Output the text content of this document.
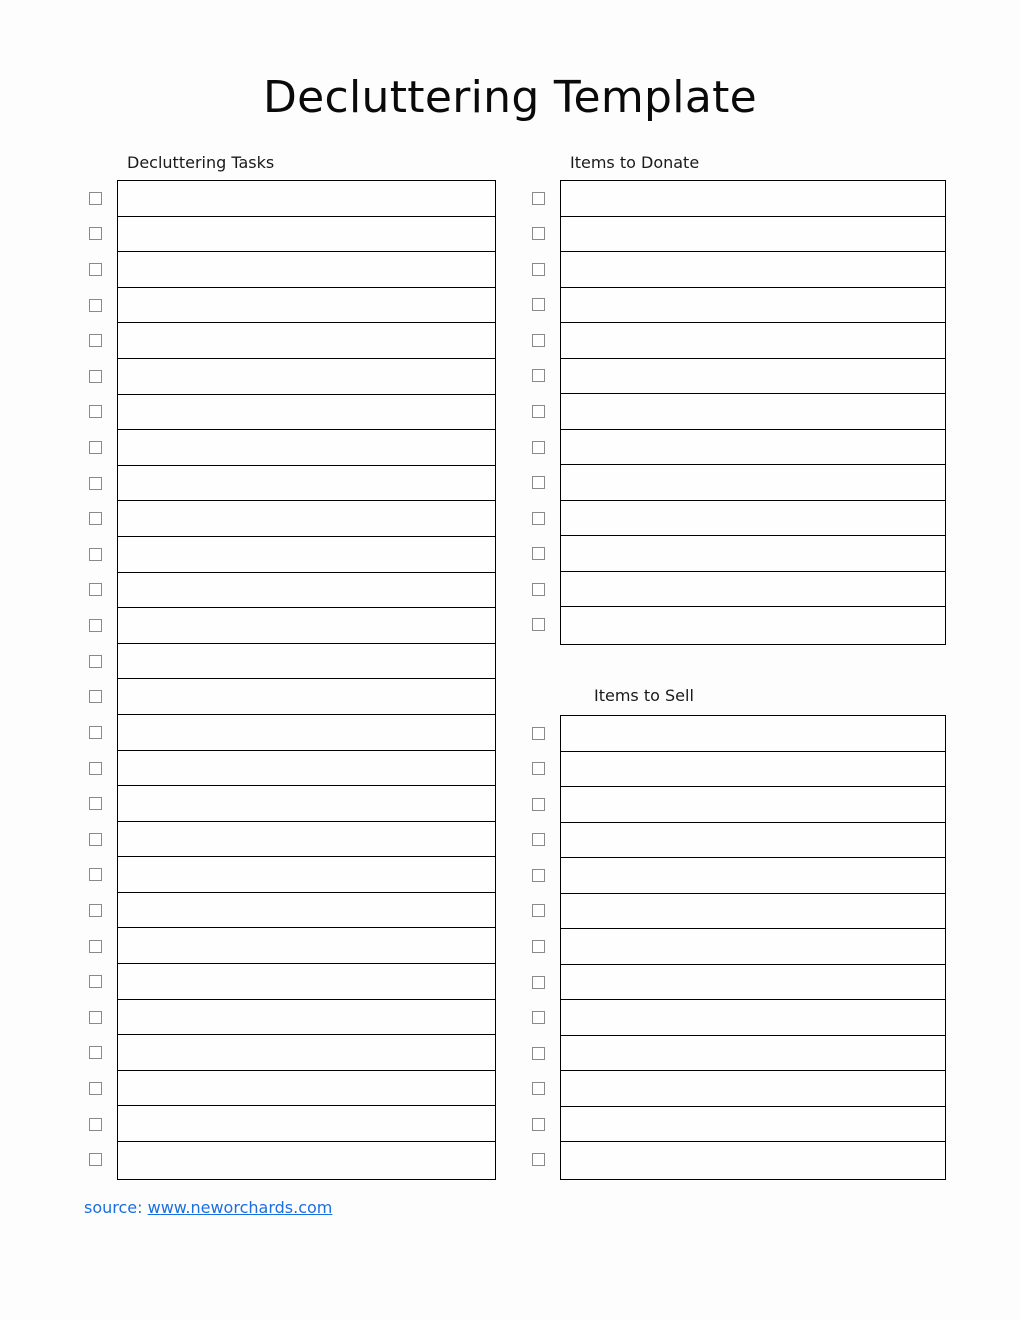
Decluttering Template
Decluttering Tasks	Items to Donate
Items to Sell
source: www.neworchards.com
